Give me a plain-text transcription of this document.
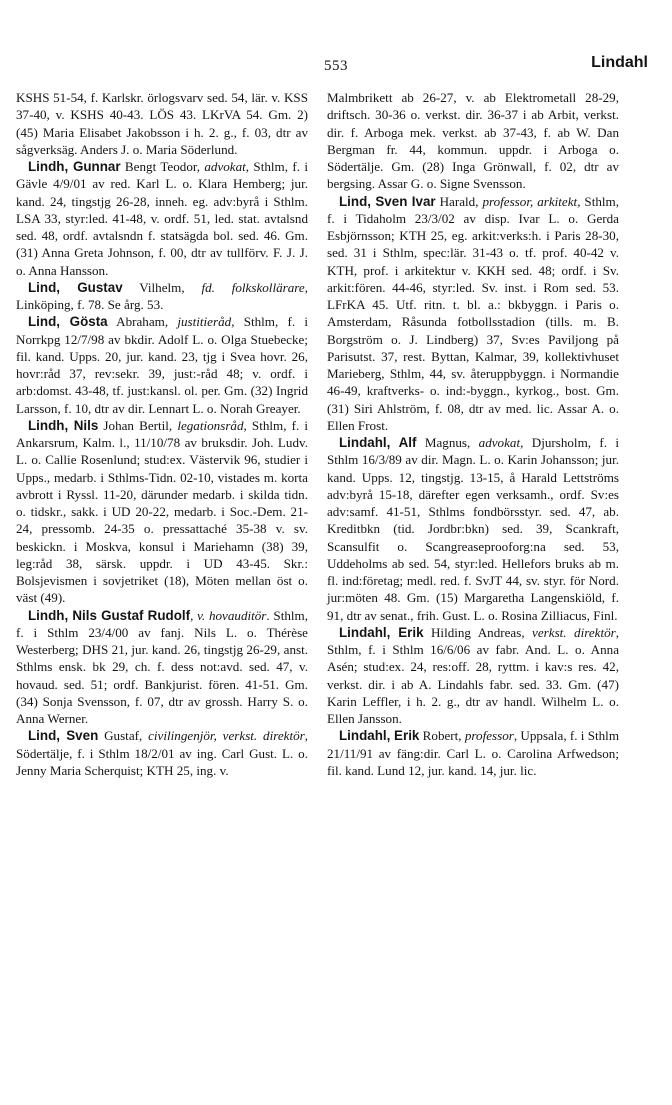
553	Lindahl

KSHS 51-54, f. Karlskr. örlogsvarv sed. 54, lär. v. KSS 37-40, v. KSHS 40-43. LÖS 43. LKrVA 54. Gm. 2) (45) Maria Elisabet Jakobsson i h. 2. g., f. 03, dtr av sågverksäg. Anders J. o. Maria Söderlund.

Lindh, Gunnar Bengt Teodor, advokat, Sthlm, f. i Gävle 4/9/01 av red. Karl L. o. Klara Hemberg; jur. kand. 24, tingstjg 26-28, inneh. eg. adv:byrå i Sthlm. LSA 33, styr:led. 41-48, v. ordf. 51, led. stat. avtalsnd sed. 48, ordf. avtalsndn f. statsägda bol. sed. 46. Gm. (31) Anna Greta Johnson, f. 00, dtr av tullförv. F. J. J. o. Anna Hansson.

Lind, Gustav Vilhelm, fd. folkskollärare, Linköping, f. 78. Se årg. 53.

Lind, Gösta Abraham, justitieråd, Sthlm, f. i Norrkpg 12/7/98 av bkdir. Adolf L. o. Olga Stuebecke; fil. kand. Upps. 20, jur. kand. 23, tjg i Svea hovr. 26, hovr:råd 37, rev:sekr. 39, just:-råd 48; v. ordf. i arb:domst. 43-48, tf. just:kansl. ol. per. Gm. (32) Ingrid Larsson, f. 10, dtr av dir. Lennart L. o. Norah Greayer.

Lindh, Nils Johan Bertil, legationsråd, Sthlm, f. i Ankarsrum, Kalm. l., 11/10/78 av bruksdir. Joh. Ludv. L. o. Callie Rosenlund; stud:ex. Västervik 96, studier i Upps., medarb. i Sthlms-Tidn. 02-10, vistades m. korta avbrott i Ryssl. 11-20, därunder medarb. i skilda tidn. o. tidskr., sakk. i UD 20-22, medarb. i Soc.-Dem. 21-24, pressomb. 24-35 o. pressattaché 35-38 v. sv. beskickn. i Moskva, konsul i Mariehamn (38) 39, leg:råd 38, särsk. uppdr. i UD 43-45. Skr.: Bolsjevismen i sovjetriket (18), Möten mellan öst o. väst (49).

Lindh, Nils Gustaf Rudolf, v. hovauditör. Sthlm, f. i Sthlm 23/4/00 av fanj. Nils L. o. Thérèse Westerberg; DHS 21, jur. kand. 26, tingstjg 26-29, anst. Sthlms ensk. bk 29, ch. f. dess not:avd. sed. 47, v. hovaud. sed. 51; ordf. Bankjurist. fören. 41-51. Gm. (34) Sonja Svensson, f. 07, dtr av grossh. Harry S. o. Anna Werner.

Lind, Sven Gustaf, civilingenjör, verkst. direktör, Södertälje, f. i Sthlm 18/2/01 av ing. Carl Gust. L. o. Jenny Maria Scherquist; KTH 25, ing. v.

Malmbrikett ab 26-27, v. ab Elektrometall 28-29, driftsch. 30-36 o. verkst. dir. 36-37 i ab Arbit, verkst. dir. f. Arboga mek. verkst. ab 37-43, f. ab W. Dan Bergman fr. 44, kommun. uppdr. i Arboga o. Södertälje. Gm. (28) Inga Grönwall, f. 02, dtr av bergsing. Assar G. o. Signe Svensson.

Lind, Sven Ivar Harald, professor, arkitekt, Sthlm, f. i Tidaholm 23/3/02 av disp. Ivar L. o. Gerda Esbjörnsson; KTH 25, eg. arkit:verks:h. i Paris 28-30, sed. 31 i Sthlm, spec:lär. 31-43 o. tf. prof. 40-42 v. KTH, prof. i arkitektur v. KKH sed. 48; ordf. i Sv. arkit:fören. 44-46, styr:led. Sv. inst. i Rom sed. 53. LFrKA 45. Utf. ritn. t. bl. a.: bkbyggn. i Paris o. Amsterdam, Råsunda fotbollsstadion (tills. m. B. Borgström o. J. Lindberg) 37, Sv:es Paviljong på Parisutst. 37, rest. Byttan, Kalmar, 39, kollektivhuset Marieberg, Sthlm, 44, sv. återuppbyggn. i Normandie 46-49, kraftverks- o. ind:-byggn., kyrkog., bost. Gm. (31) Siri Ahlström, f. 08, dtr av med. lic. Assar A. o. Ellen Frost.

Lindahl, Alf Magnus, advokat, Djursholm, f. i Sthlm 16/3/89 av dir. Magn. L. o. Karin Johansson; jur. kand. Upps. 12, tingstjg. 13-15, å Harald Lettströms adv:byrå 15-18, därefter egen verksamh., ordf. Sv:es adv:samf. 41-51, Sthlms fondbörsstyr. sed. 47, ab. Kreditbkn (tid. Jordbr:bkn) sed. 39, Scankraft, Scansulfit o. Scangreaseprooforg:na sed. 53, Uddeholms ab sed. 54, styr:led. Hellefors bruks ab m. fl. ind:företag; medl. red. f. SvJT 44, sv. styr. för Nord. jur:möten 48. Gm. (15) Margaretha Langenskiöld, f. 91, dtr av senat., frih. Gust. L. o. Rosina Zilliacus, Finl.

Lindahl, Erik Hilding Andreas, verkst. direktör, Sthlm, f. i Sthlm 16/6/06 av fabr. And. L. o. Anna Asén; stud:ex. 24, res:off. 28, ryttm. i kav:s res. 42, verkst. dir. i ab A. Lindahls fabr. sed. 33. Gm. (47) Karin Leffler, i h. 2. g., dtr av handl. Wilhelm L. o. Ellen Jansson.

Lindahl, Erik Robert, professor, Uppsala, f. i Sthlm 21/11/91 av fäng:dir. Carl L. o. Carolina Arfwedson; fil. kand. Lund 12, jur. kand. 14, jur. lic.
